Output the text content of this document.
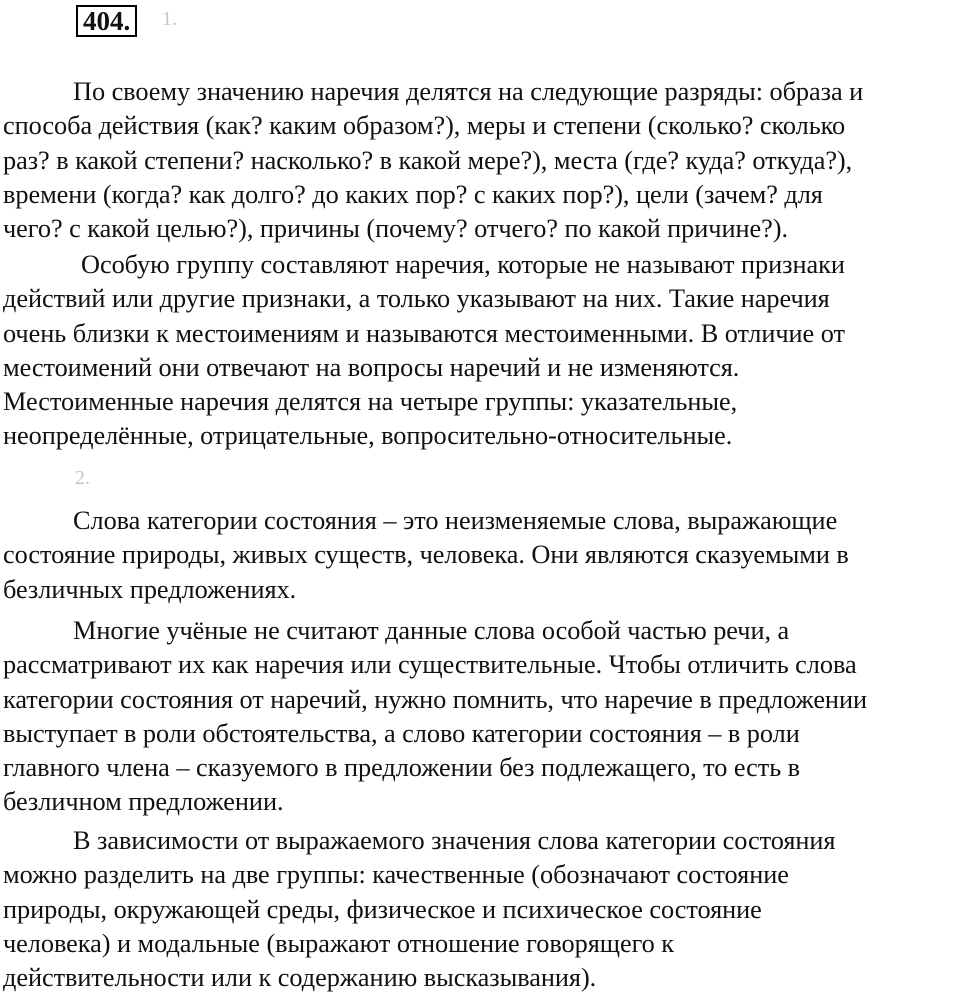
404.	1.

По своему значению наречия делятся на следующие разряды: образа и
способа действия (как? каким образом?), меры и степени (сколько? сколько
раз? в какой степени? насколько? в какой мере?), места (где? куда? откуда?),
времени (когда? как долго? до каких пор? с каких пор?), цели (зачем? для
чего? с какой целью?), причины (почему? отчего? по какой причине?).

Особую группу составляют наречия, которые не называют признаки
действий или другие признаки, а только указывают на них. Такие наречия
очень близки к местоимениям и называются местоименными. В отличие от
местоимений они отвечают на вопросы наречий и не изменяются.
Местоименные наречия делятся на четыре группы: указательные,
неопределённые, отрицательные, вопросительно-относительные.

2.

Слова категории состояния – это неизменяемые слова, выражающие
состояние природы, живых существ, человека. Они являются сказуемыми в
безличных предложениях.

Многие учёные не считают данные слова особой частью речи, а
рассматривают их как наречия или существительные. Чтобы отличить слова
категории состояния от наречий, нужно помнить, что наречие в предложении
выступает в роли обстоятельства, а слово категории состояния – в роли
главного члена – сказуемого в предложении без подлежащего, то есть в
безличном предложении.

В зависимости от выражаемого значения слова категории состояния
можно разделить на две группы: качественные (обозначают состояние
природы, окружающей среды, физическое и психическое состояние
человека) и модальные (выражают отношение говорящего к
действительности или к содержанию высказывания).
